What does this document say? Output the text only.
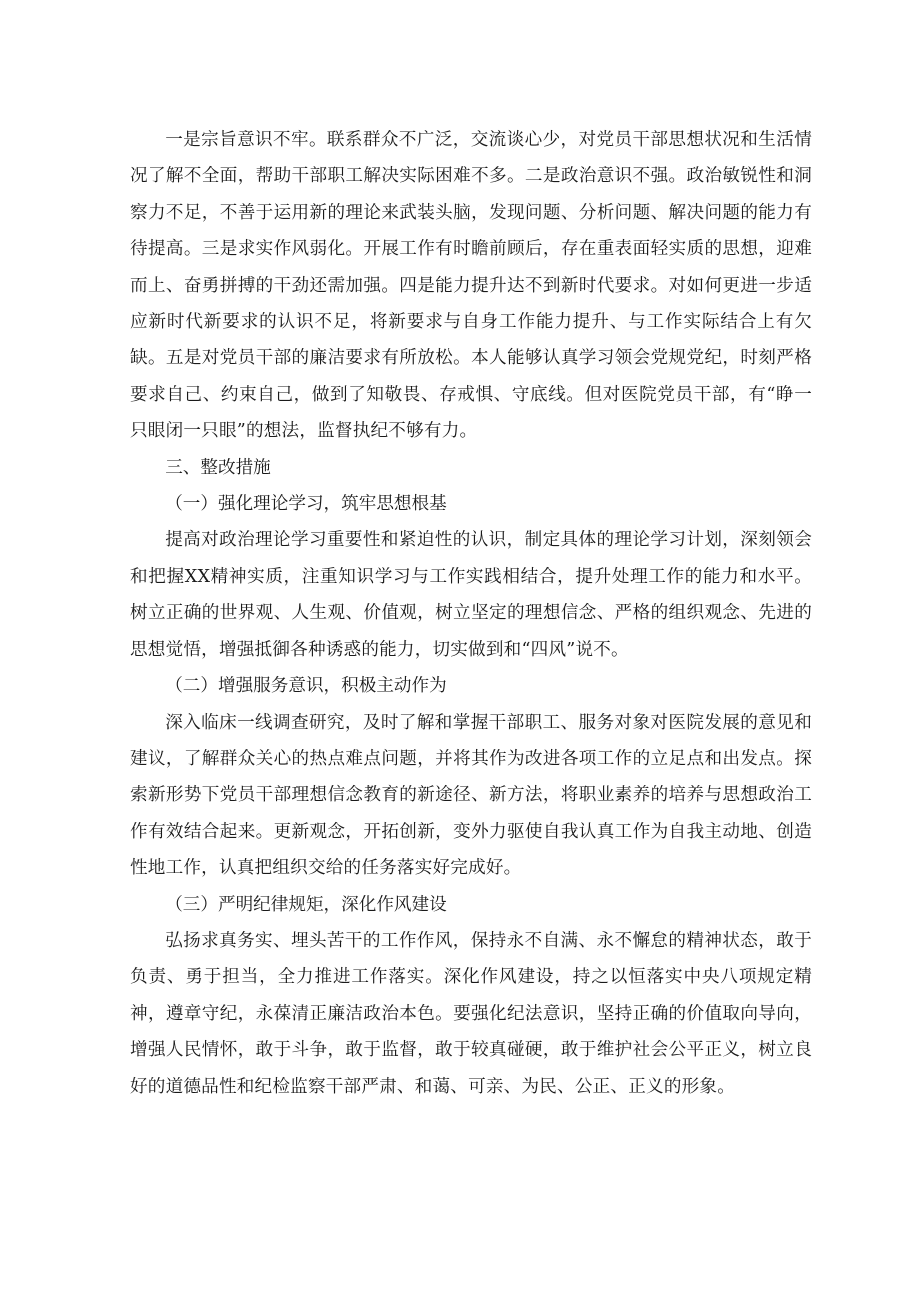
一是宗旨意识不牢。联系群众不广泛，交流谈心少，对党员干部思想状况和生活情况了解不全面，帮助干部职工解决实际困难不多。二是政治意识不强。政治敏锐性和洞察力不足，不善于运用新的理论来武装头脑，发现问题、分析问题、解决问题的能力有待提高。三是求实作风弱化。开展工作有时瞻前顾后，存在重表面轻实质的思想，迎难而上、奋勇拼搏的干劲还需加强。四是能力提升达不到新时代要求。对如何更进一步适应新时代新要求的认识不足，将新要求与自身工作能力提升、与工作实际结合上有欠缺。五是对党员干部的廉洁要求有所放松。本人能够认真学习领会党规党纪，时刻严格要求自己、约束自己，做到了知敬畏、存戒惧、守底线。但对医院党员干部，有“睁一只眼闭一只眼”的想法，监督执纪不够有力。

三、整改措施

（一）强化理论学习，筑牢思想根基

提高对政治理论学习重要性和紧迫性的认识，制定具体的理论学习计划，深刻领会和把握XX精神实质，注重知识学习与工作实践相结合，提升处理工作的能力和水平。树立正确的世界观、人生观、价值观，树立坚定的理想信念、严格的组织观念、先进的思想觉悟，增强抵御各种诱惑的能力，切实做到和“四风”说不。

（二）增强服务意识，积极主动作为

深入临床一线调查研究，及时了解和掌握干部职工、服务对象对医院发展的意见和建议，了解群众关心的热点难点问题，并将其作为改进各项工作的立足点和出发点。探索新形势下党员干部理想信念教育的新途径、新方法，将职业素养的培养与思想政治工作有效结合起来。更新观念，开拓创新，变外力驱使自我认真工作为自我主动地、创造性地工作，认真把组织交给的任务落实好完成好。

（三）严明纪律规矩，深化作风建设

弘扬求真务实、埋头苦干的工作作风，保持永不自满、永不懈怠的精神状态，敢于负责、勇于担当，全力推进工作落实。深化作风建设，持之以恒落实中央八项规定精神，遵章守纪，永葆清正廉洁政治本色。要强化纪法意识，坚持正确的价值取向导向，增强人民情怀，敢于斗争，敢于监督，敢于较真碰硬，敢于维护社会公平正义，树立良好的道德品性和纪检监察干部严肃、和蔼、可亲、为民、公正、正义的形象。
